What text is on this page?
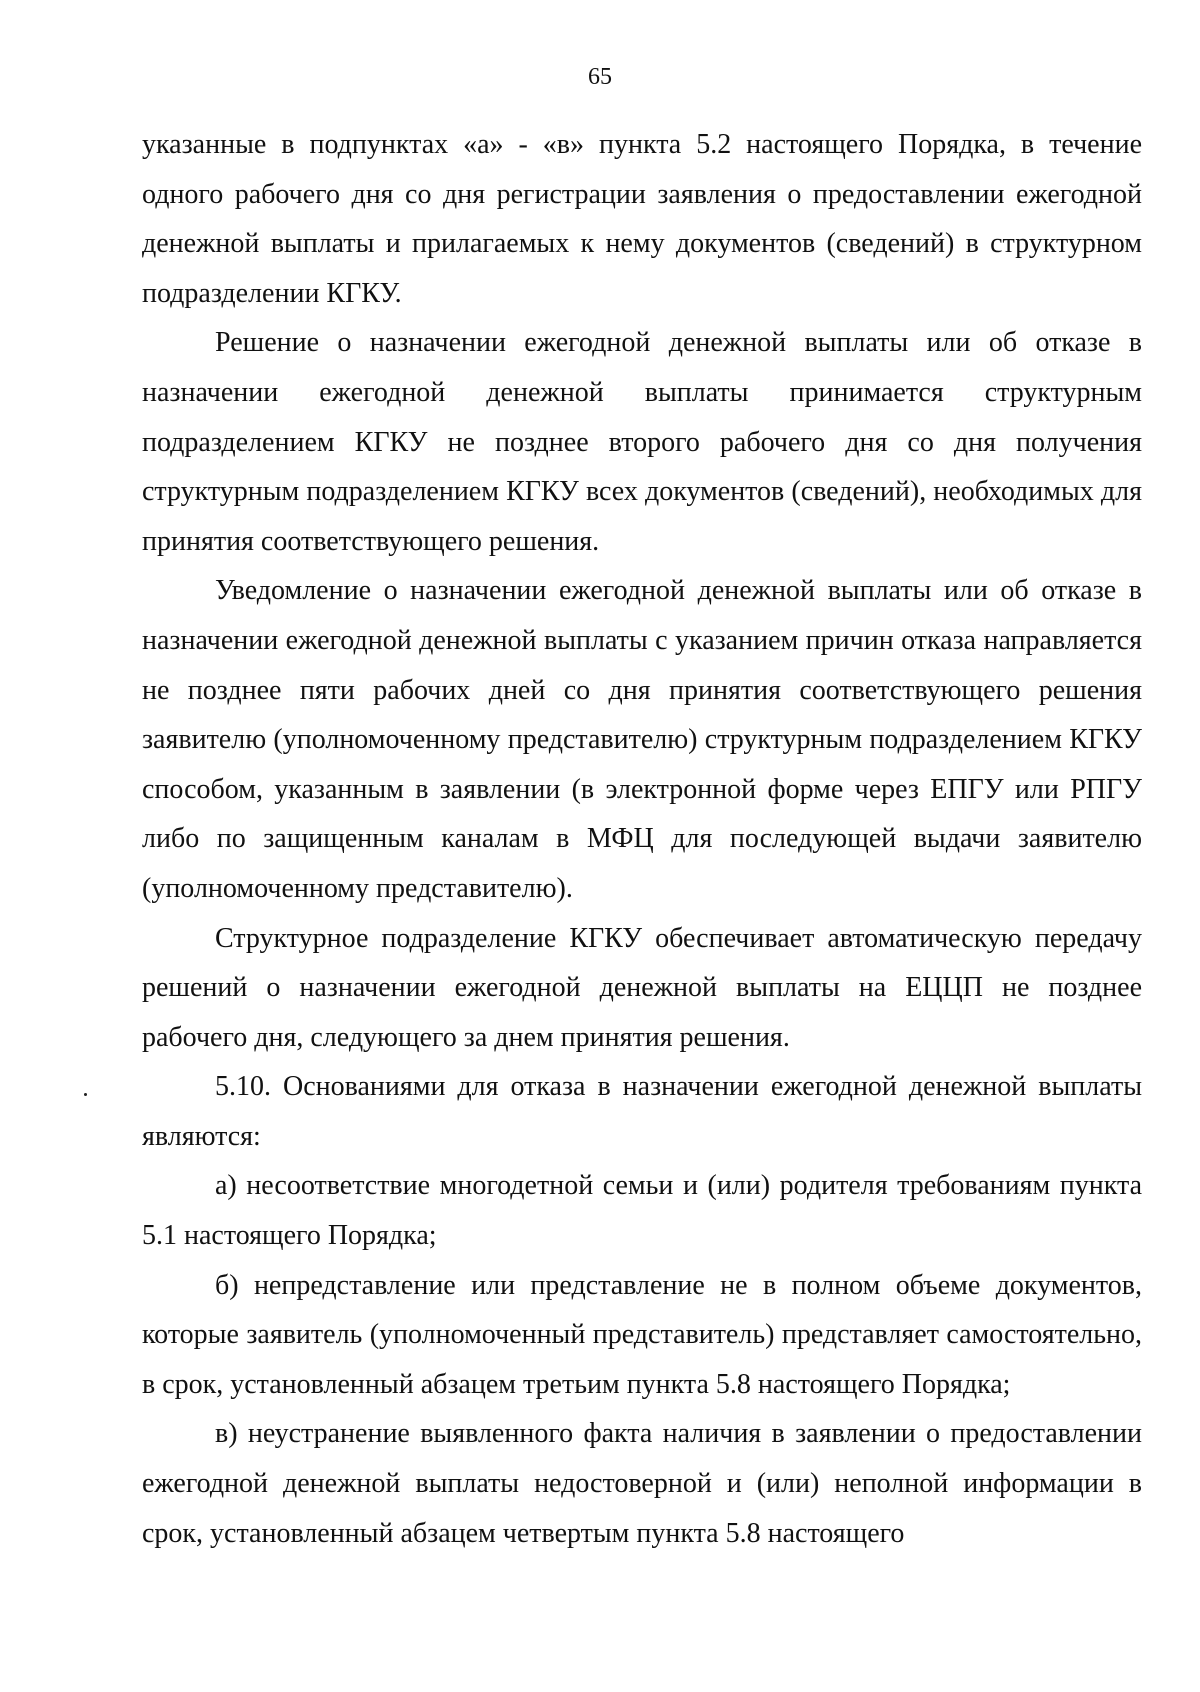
65

указанные в подпунктах «а» - «в» пункта 5.2 настоящего Порядка, в течение одного рабочего дня со дня регистрации заявления о предоставлении ежегодной денежной выплаты и прилагаемых к нему документов (сведений) в структурном подразделении КГКУ.

Решение о назначении ежегодной денежной выплаты или об отказе в назначении ежегодной денежной выплаты принимается структурным подразделением КГКУ не позднее второго рабочего дня со дня получения структурным подразделением КГКУ всех документов (сведений), необходимых для принятия соответствующего решения.

Уведомление о назначении ежегодной денежной выплаты или об отказе в назначении ежегодной денежной выплаты с указанием причин отказа направляется не позднее пяти рабочих дней со дня принятия соответствующего решения заявителю (уполномоченному представителю) структурным подразделением КГКУ способом, указанным в заявлении (в электронной форме через ЕПГУ или РПГУ либо по защищенным каналам в МФЦ для последующей выдачи заявителю (уполномоченному представителю).

Структурное подразделение КГКУ обеспечивает автоматическую передачу решений о назначении ежегодной денежной выплаты на ЕЦЦП не позднее рабочего дня, следующего за днем принятия решения.

5.10. Основаниями для отказа в назначении ежегодной денежной выплаты являются:

а) несоответствие многодетной семьи и (или) родителя требованиям пункта 5.1 настоящего Порядка;

б) непредставление или представление не в полном объеме документов, которые заявитель (уполномоченный представитель) представляет самостоятельно, в срок, установленный абзацем третьим пункта 5.8 настоящего Порядка;

в) неустранение выявленного факта наличия в заявлении о предоставлении ежегодной денежной выплаты недостоверной и (или) неполной информации в срок, установленный абзацем четвертым пункта 5.8 настоящего
